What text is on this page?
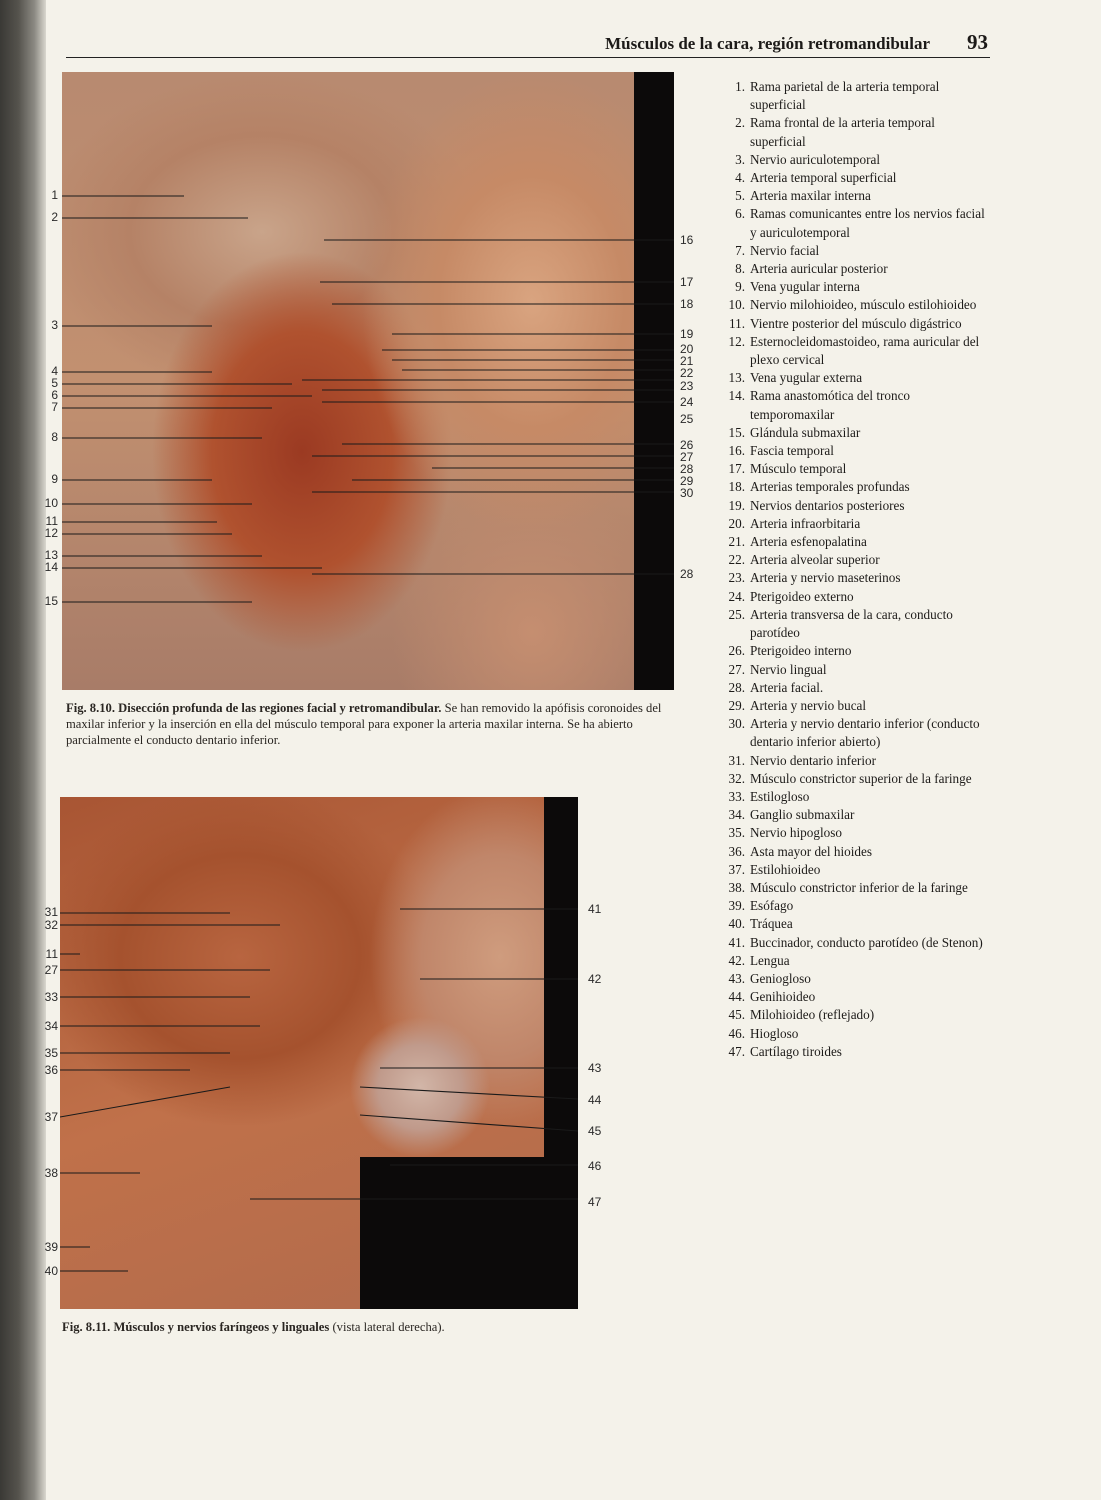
Músculos de la cara, región retromandibular 93
1
2
3
4
5
6
7
8
9
10
11
12
13
14
15
16
17
18
19
20
21
22
23
24
25
26
27
28
29
30
28
Fig. 8.10. Disección profunda de las regiones facial y retromandibular. Se han removido la apófisis coronoides del maxilar inferior y la inserción en ella del músculo temporal para exponer la arteria maxilar interna. Se ha abierto parcialmente el conducto dentario inferior.
31
32
11
27
33
34
35
36
37
38
39
40
41
42
43
44
45
46
47
Fig. 8.11. Músculos y nervios faríngeos y linguales (vista lateral derecha).
1. Rama parietal de la arteria temporal superficial
2. Rama frontal de la arteria temporal superficial
3. Nervio auriculotemporal
4. Arteria temporal superficial
5. Arteria maxilar interna
6. Ramas comunicantes entre los nervios facial y auriculotemporal
7. Nervio facial
8. Arteria auricular posterior
9. Vena yugular interna
10. Nervio milohioideo, músculo estilohioideo
11. Vientre posterior del músculo digástrico
12. Esternocleidomastoideo, rama auricular del plexo cervical
13. Vena yugular externa
14. Rama anastomótica del tronco temporomaxilar
15. Glándula submaxilar
16. Fascia temporal
17. Músculo temporal
18. Arterias temporales profundas
19. Nervios dentarios posteriores
20. Arteria infraorbitaria
21. Arteria esfenopalatina
22. Arteria alveolar superior
23. Arteria y nervio maseterinos
24. Pterigoideo externo
25. Arteria transversa de la cara, conducto parotídeo
26. Pterigoideo interno
27. Nervio lingual
28. Arteria facial.
29. Arteria y nervio bucal
30. Arteria y nervio dentario inferior (conducto dentario inferior abierto)
31. Nervio dentario inferior
32. Músculo constrictor superior de la faringe
33. Estilogloso
34. Ganglio submaxilar
35. Nervio hipogloso
36. Asta mayor del hioides
37. Estilohioideo
38. Músculo constrictor inferior de la faringe
39. Esófago
40. Tráquea
41. Buccinador, conducto parotídeo (de Stenon)
42. Lengua
43. Geniogloso
44. Genihioideo
45. Milohioideo (reflejado)
46. Hiogloso
47. Cartílago tiroides
